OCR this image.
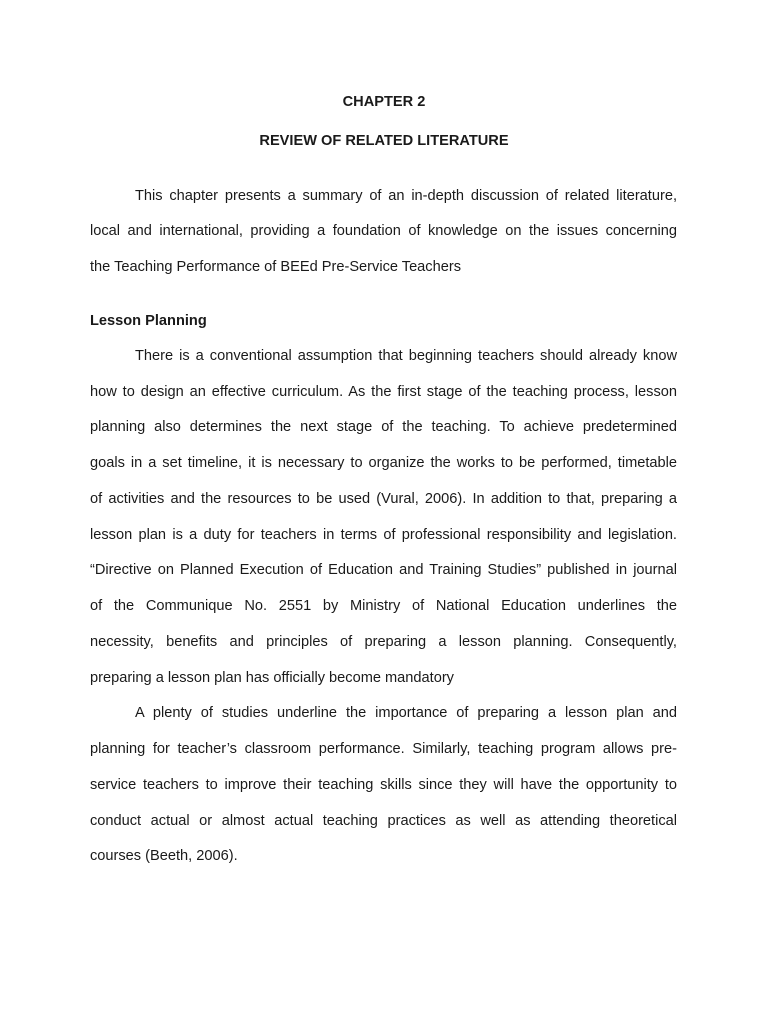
CHAPTER 2
REVIEW OF RELATED LITERATURE
This chapter presents a summary of an in-depth discussion of related literature,
local and international, providing a foundation of knowledge on the issues concerning
the Teaching Performance of BEEd Pre-Service Teachers
Lesson Planning
There is a conventional assumption that beginning teachers should already know
how to design an effective curriculum. As the first stage of the teaching process, lesson
planning also determines the next stage of the teaching. To achieve predetermined
goals in a set timeline, it is necessary to organize the works to be performed, timetable
of activities and the resources to be used (Vural, 2006). In addition to that, preparing a
lesson plan is a duty for teachers in terms of professional responsibility and legislation.
“Directive on Planned Execution of Education and Training Studies” published in journal
of the Communique No. 2551 by Ministry of National Education underlines the
necessity, benefits and principles of preparing a lesson planning. Consequently,
preparing a lesson plan has officially become mandatory
A plenty of studies underline the importance of preparing a lesson plan and
planning for teacher’s classroom performance. Similarly, teaching program allows pre-
service teachers to improve their teaching skills since they will have the opportunity to
conduct actual or almost actual teaching practices as well as attending theoretical
courses (Beeth, 2006).
